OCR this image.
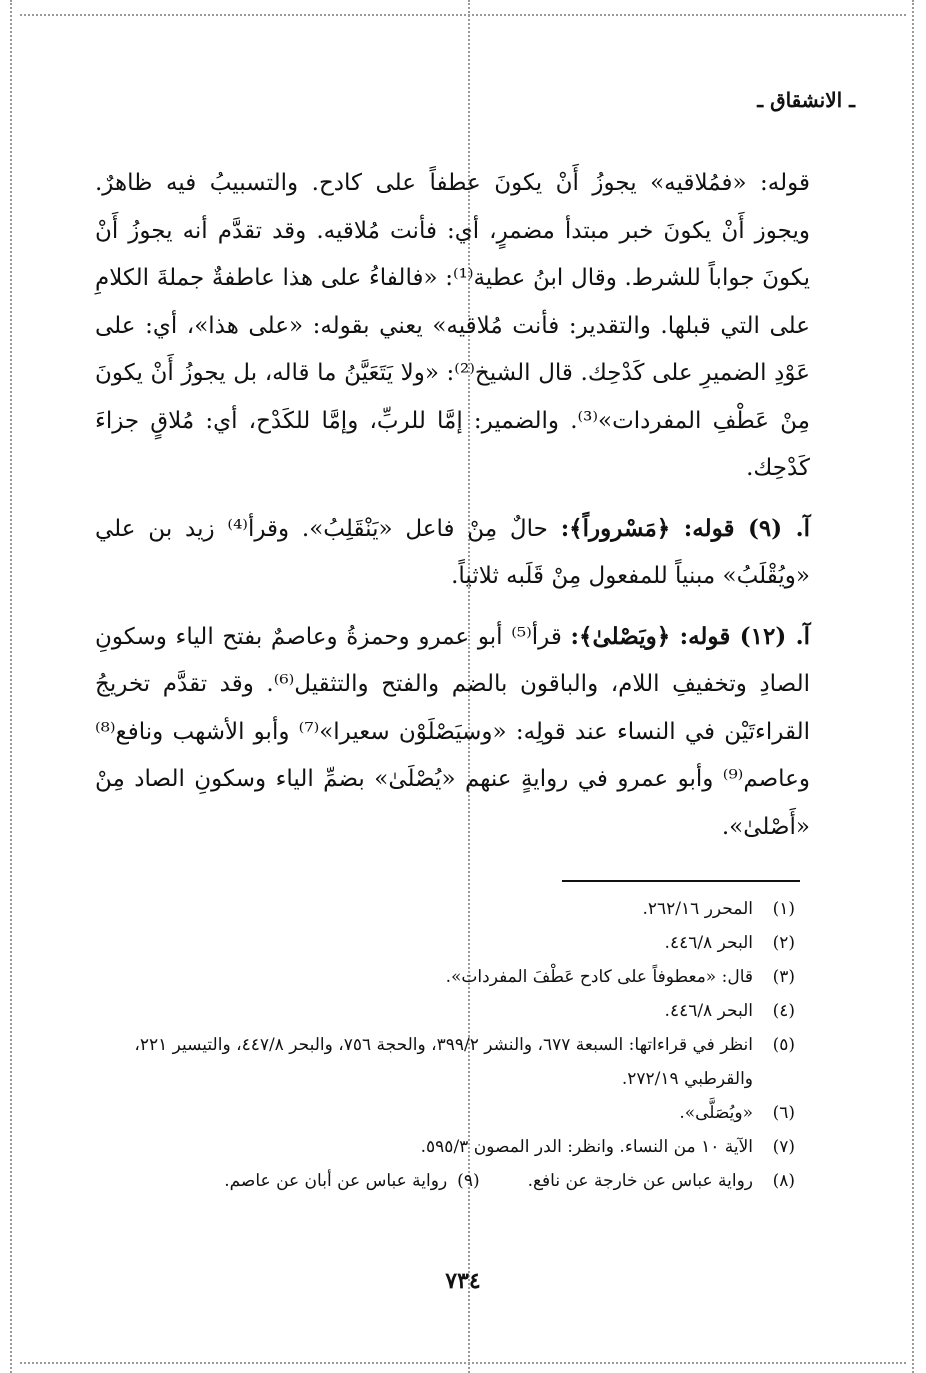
ـ الانشقاق ـ

قوله: «فمُلاقيه» يجوزُ أَنْ يكونَ عطفاً على كادح. والتسبيبُ فيه ظاهرٌ. ويجوز أَنْ يكونَ خبر مبتدأ مضمرٍ، أي: فأنت مُلاقيه. وقد تقدَّم أنه يجوزُ أَنْ يكونَ جواباً للشرط. وقال ابنُ عطية⁽¹⁾: «فالفاءُ على هذا عاطفةٌ جملةَ الكلامِ على التي قبلها. والتقدير: فأنت مُلاقيه» يعني بقوله: «على هذا»، أي: على عَوْدِ الضميرِ على كَدْحِك. قال الشيخ⁽²⁾: «ولا يَتَعَيَّنُ ما قاله، بل يجوزُ أَنْ يكونَ مِنْ عَطْفِ المفردات»⁽³⁾. والضمير: إمَّا للربِّ، وإمَّا للكَدْح، أي: مُلاقٍ جزاءَ كَدْحِك.

آ. (٩) قوله: ﴿مَسْروراً﴾: حالٌ مِنْ فاعل «يَنْقَلِبُ». وقرأ⁽⁴⁾ زيد بن علي «ويُقْلَبُ» مبنياً للمفعول مِنْ قَلَبه ثلاثياً.

آ. (١٢) قوله: ﴿ويَصْلىٰ﴾: قرأ⁽⁵⁾ أبو عمرو وحمزةُ وعاصمٌ بفتح الياء وسكونِ الصادِ وتخفيفِ اللام، والباقون بالضم والفتح والتثقيل⁽⁶⁾. وقد تقدَّم تخريجُ القراءتَيْن في النساء عند قولِه: «وسيَصْلَوْن سعيرا»⁽⁷⁾ وأبو الأشهب ونافع⁽⁸⁾ وعاصم⁽⁹⁾ وأبو عمرو في روايةٍ عنهم «يُصْلَىٰ» بضمِّ الياء وسكونِ الصاد مِنْ «أَصْلىٰ».

(١)
المحرر ٢٦٢/١٦.
(٢)
البحر ٤٤٦/٨.
(٣)
قال: «معطوفاً على كادح عَطْفَ المفردات».
(٤)
البحر ٤٤٦/٨.
(٥)
انظر في قراءاتها: السبعة ٦٧٧، والنشر ٣٩٩/٢، والحجة ٧٥٦، والبحر ٤٤٧/٨، والتيسير ٢٢١، والقرطبي ٢٧٢/١٩.
(٦)
«ويُصَلَّى».
(٧)
الآية ١٠ من النساء. وانظر: الدر المصون ٥٩٥/٣.
(٨)
رواية عباس عن خارجة عن نافع.
(٩)
رواية عباس عن أبان عن عاصم.
٧٣٤
